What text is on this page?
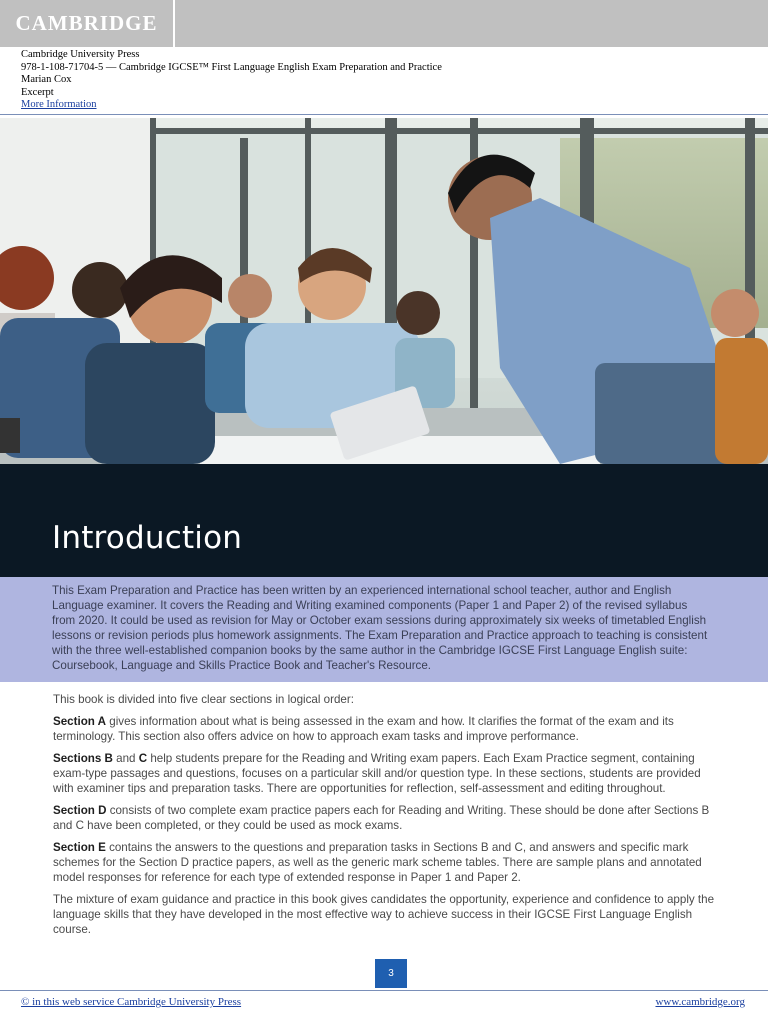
CAMBRIDGE
Cambridge University Press
978-1-108-71704-5 — Cambridge IGCSE™ First Language English Exam Preparation and Practice
Marian Cox
Excerpt
More Information
Introduction

This Exam Preparation and Practice has been written by an experienced international school teacher, author and English Language examiner. It covers the Reading and Writing examined components (Paper 1 and Paper 2) of the revised syllabus from 2020. It could be used as revision for May or October exam sessions during approximately six weeks of timetabled English lessons or revision periods plus homework assignments. The Exam Preparation and Practice approach to teaching is consistent with the three well-established companion books by the same author in the Cambridge IGCSE First Language English suite: Coursebook, Language and Skills Practice Book and Teacher's Resource.

This book is divided into five clear sections in logical order:

Section A gives information about what is being assessed in the exam and how. It clarifies the format of the exam and its terminology. This section also offers advice on how to approach exam tasks and improve performance.

Sections B and C help students prepare for the Reading and Writing exam papers. Each Exam Practice segment, containing exam-type passages and questions, focuses on a particular skill and/or question type. In these sections, students are provided with examiner tips and preparation tasks. There are opportunities for reflection, self-assessment and editing throughout.

Section D consists of two complete exam practice papers each for Reading and Writing. These should be done after Sections B and C have been completed, or they could be used as mock exams.

Section E contains the answers to the questions and preparation tasks in Sections B and C, and answers and specific mark schemes for the Section D practice papers, as well as the generic mark scheme tables. There are sample plans and annotated model responses for reference for each type of extended response in Paper 1 and Paper 2.

The mixture of exam guidance and practice in this book gives candidates the opportunity, experience and confidence to apply the language skills that they have developed in the most effective way to achieve success in their IGCSE First Language English course.

3
© in this web service Cambridge University Press	www.cambridge.org
